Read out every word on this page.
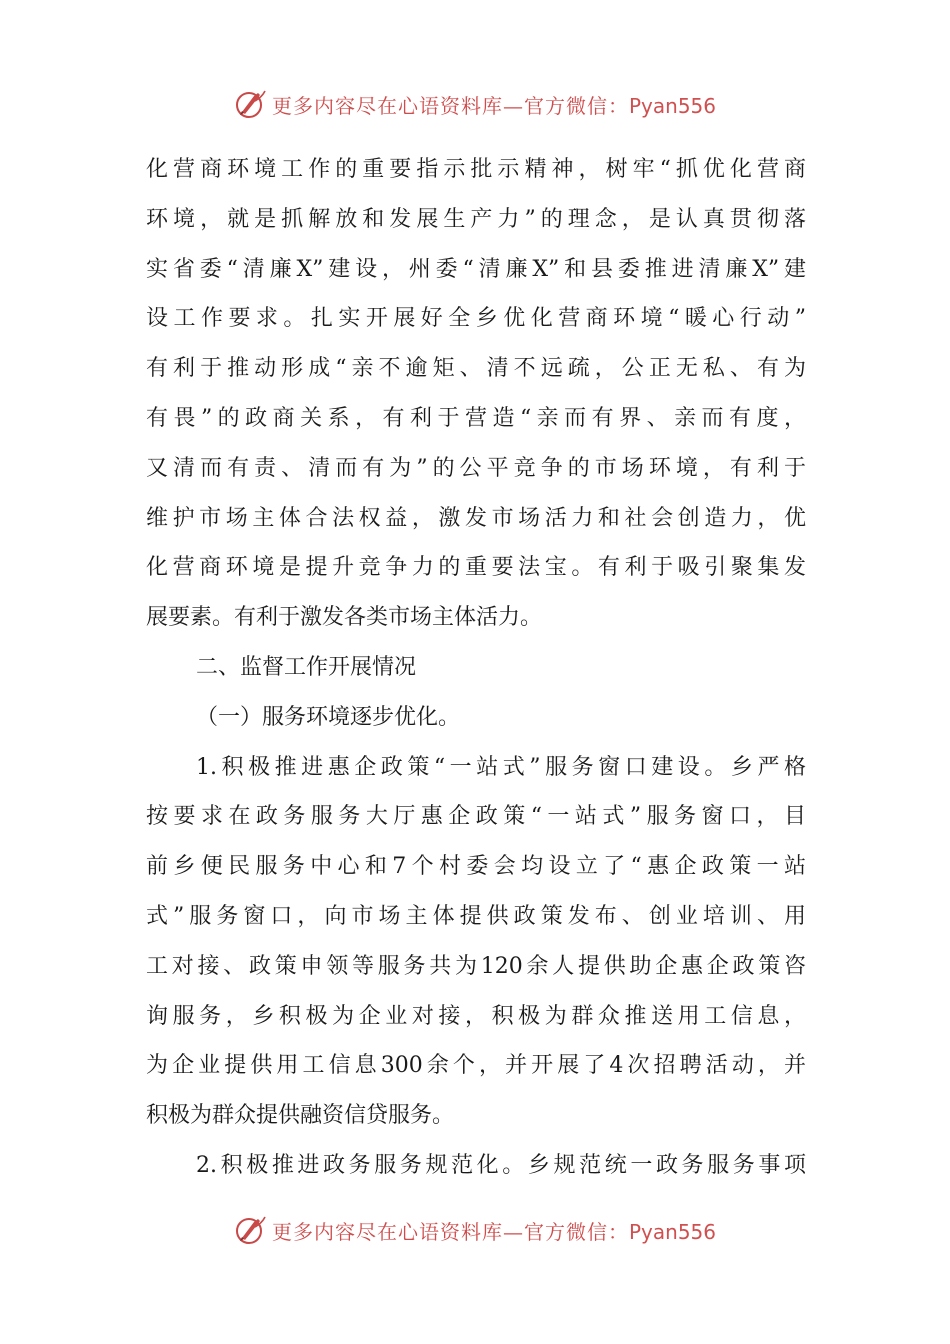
更多内容尽在心语资料库—官方微信：Pyan556
化营商环境工作的重要指示批示精神，树牢“抓优化营商
环境，就是抓解放和发展生产力”的理念，是认真贯彻落
实省委“清廉X”建设，州委“清廉X”和县委推进清廉X”建
设工作要求。扎实开展好全乡优化营商环境“暖心行动”
有利于推动形成“亲不逾矩、清不远疏，公正无私、有为
有畏”的政商关系，有利于营造“亲而有界、亲而有度，
又清而有责、清而有为”的公平竞争的市场环境，有利于
维护市场主体合法权益，激发市场活力和社会创造力，优
化营商环境是提升竞争力的重要法宝。有利于吸引聚集发
展要素。有利于激发各类市场主体活力。
二、监督工作开展情况
（一）服务环境逐步优化。
1.积极推进惠企政策“一站式”服务窗口建设。乡严格
按要求在政务服务大厅惠企政策“一站式”服务窗口，目
前乡便民服务中心和7个村委会均设立了“惠企政策一站
式”服务窗口，向市场主体提供政策发布、创业培训、用
工对接、政策申领等服务共为120余人提供助企惠企政策咨
询服务，乡积极为企业对接，积极为群众推送用工信息，
为企业提供用工信息300余个，并开展了4次招聘活动，并
积极为群众提供融资信贷服务。
2.积极推进政务服务规范化。乡规范统一政务服务事项
更多内容尽在心语资料库—官方微信：Pyan556
